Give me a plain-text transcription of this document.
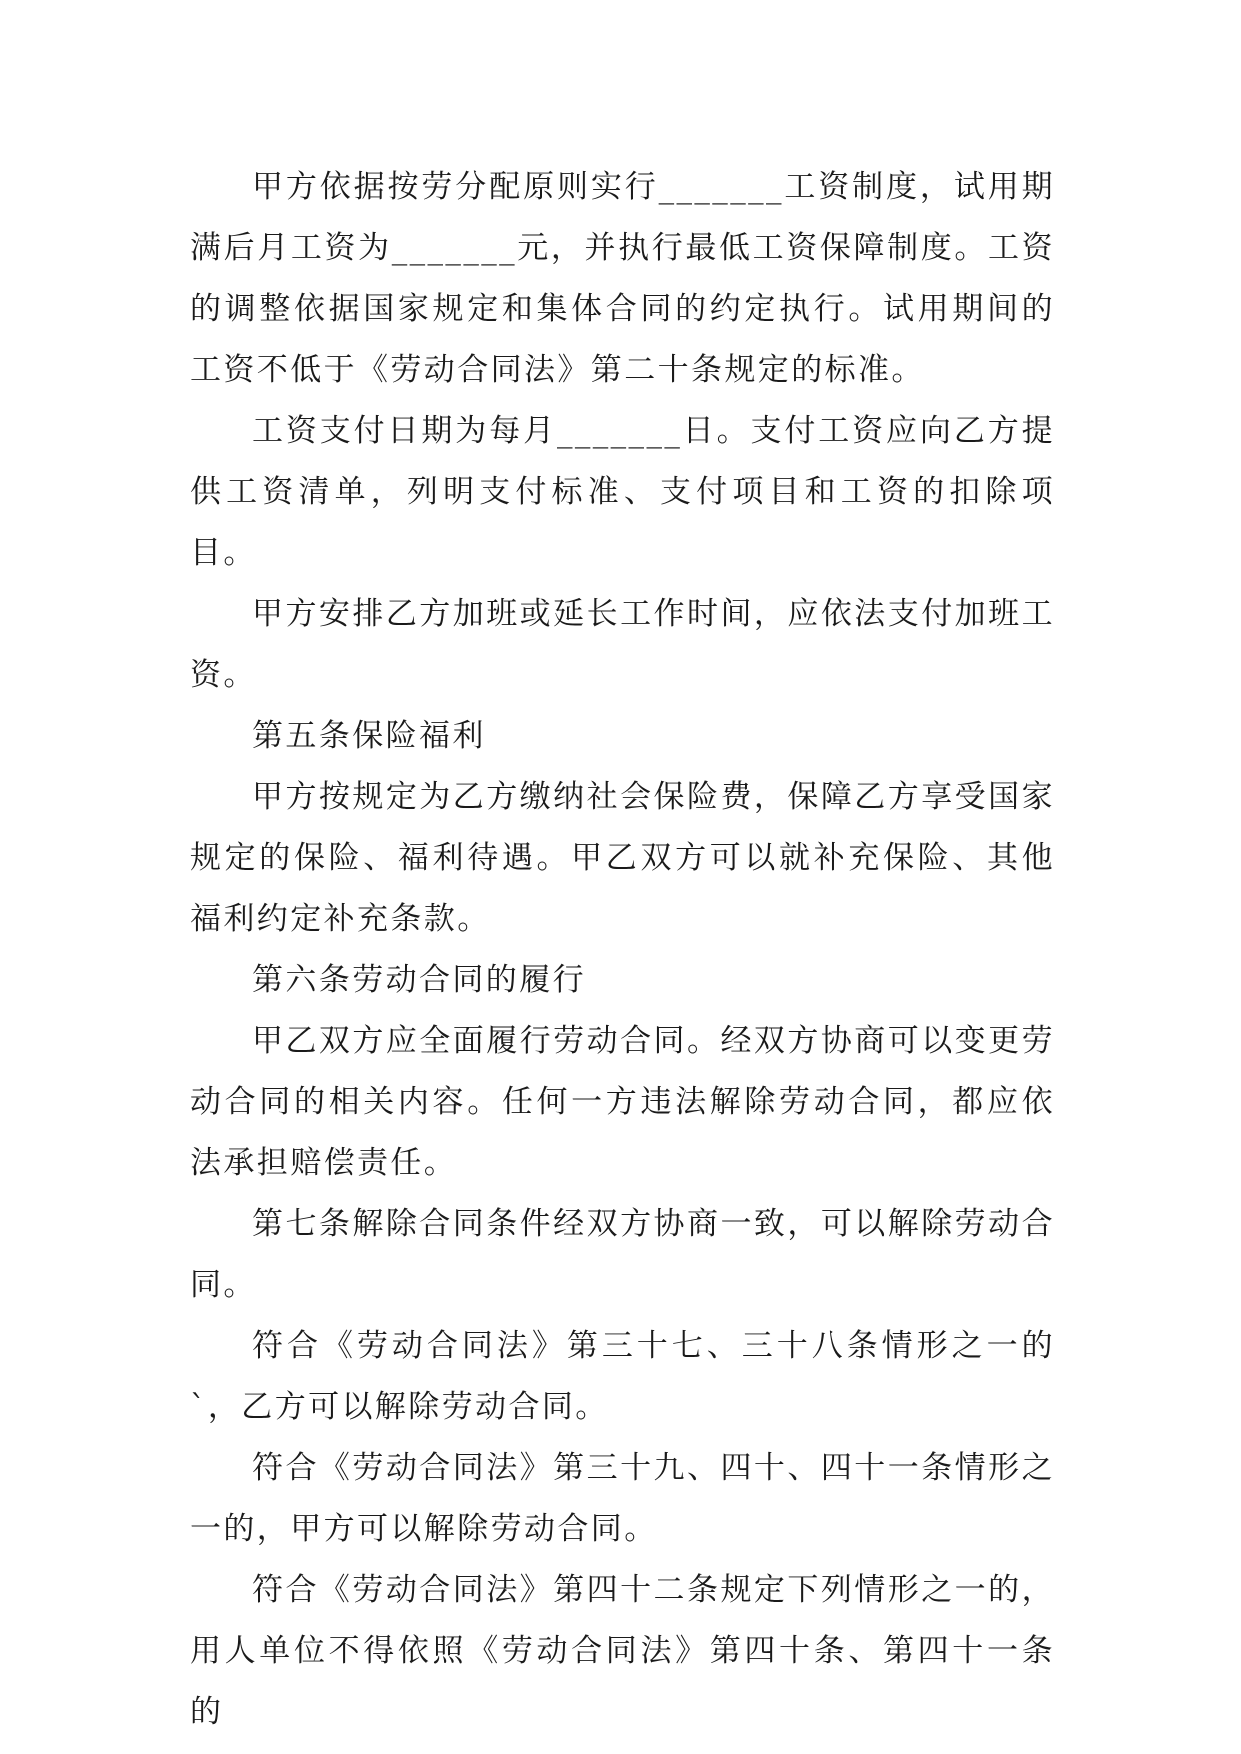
甲方依据按劳分配原则实行_______工资制度，试用期满后月工资为_______元，并执行最低工资保障制度。工资的调整依据国家规定和集体合同的约定执行。试用期间的工资不低于《劳动合同法》第二十条规定的标准。

工资支付日期为每月_______日。支付工资应向乙方提供工资清单，列明支付标准、支付项目和工资的扣除项目。

甲方安排乙方加班或延长工作时间，应依法支付加班工资。

第五条保险福利

甲方按规定为乙方缴纳社会保险费，保障乙方享受国家规定的保险、福利待遇。甲乙双方可以就补充保险、其他福利约定补充条款。

第六条劳动合同的履行

甲乙双方应全面履行劳动合同。经双方协商可以变更劳动合同的相关内容。任何一方违法解除劳动合同，都应依法承担赔偿责任。

第七条解除合同条件经双方协商一致，可以解除劳动合同。

符合《劳动合同法》第三十七、三十八条情形之一的`，乙方可以解除劳动合同。

符合《劳动合同法》第三十九、四十、四十一条情形之一的，甲方可以解除劳动合同。

符合《劳动合同法》第四十二条规定下列情形之一的，用人单位不得依照《劳动合同法》第四十条、第四十一条的
